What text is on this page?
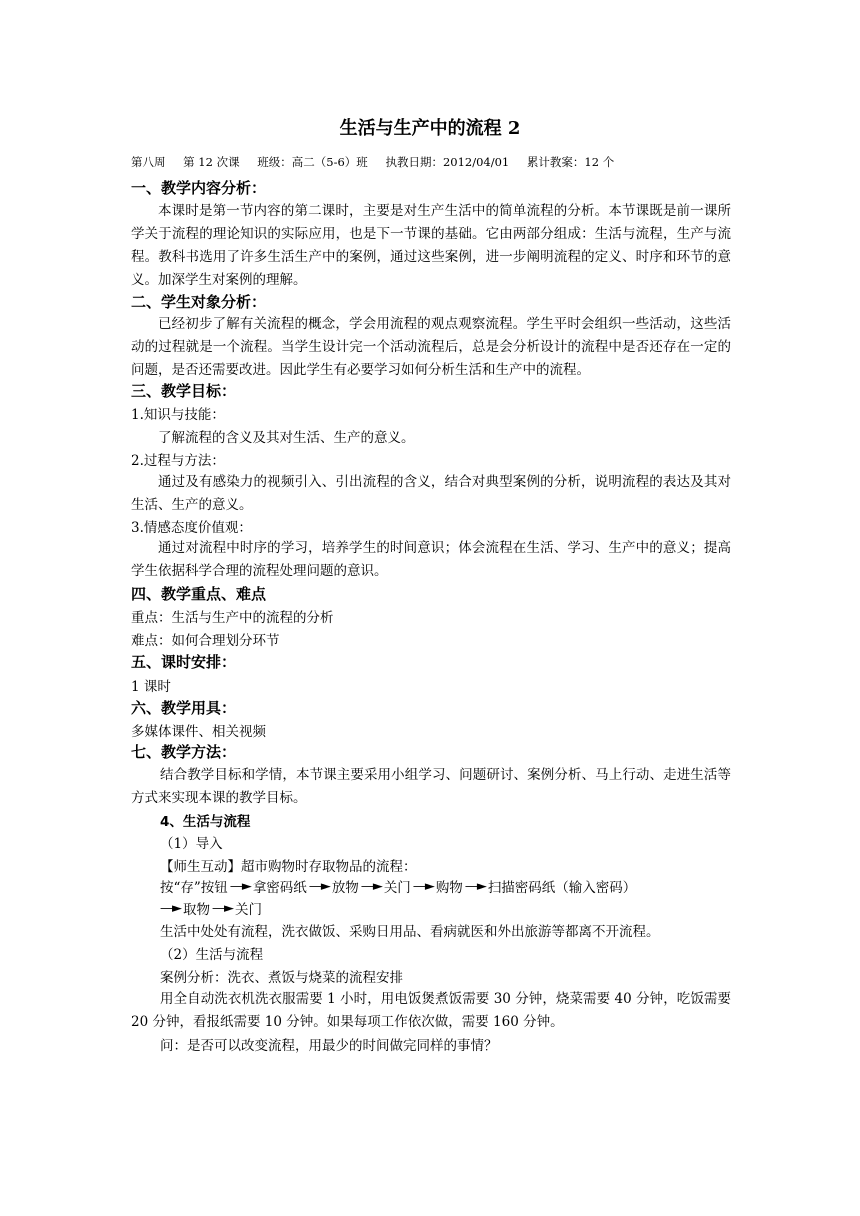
生活与生产中的流程 2
第八周 第 12 次课 班级：高二（5-6）班 执教日期：2012/04/01 累计教案：12 个
一、教学内容分析：
本课时是第一节内容的第二课时，主要是对生产生活中的简单流程的分析。本节课既是前一课所学关于流程的理论知识的实际应用，也是下一节课的基础。它由两部分组成：生活与流程，生产与流程。教科书选用了许多生活生产中的案例，通过这些案例，进一步阐明流程的定义、时序和环节的意义。加深学生对案例的理解。
二、学生对象分析：
已经初步了解有关流程的概念，学会用流程的观点观察流程。学生平时会组织一些活动，这些活动的过程就是一个流程。当学生设计完一个活动流程后，总是会分析设计的流程中是否还存在一定的问题，是否还需要改进。因此学生有必要学习如何分析生活和生产中的流程。
三、教学目标：
1.知识与技能：
了解流程的含义及其对生活、生产的意义。
2.过程与方法：
通过及有感染力的视频引入、引出流程的含义，结合对典型案例的分析，说明流程的表达及其对生活、生产的意义。
3.情感态度价值观：
通过对流程中时序的学习，培养学生的时间意识；体会流程在生活、学习、生产中的意义；提高学生依据科学合理的流程处理问题的意识。
四、教学重点、难点
重点：生活与生产中的流程的分析
难点：如何合理划分环节
五、课时安排：
1 课时
六、教学用具：
多媒体课件、相关视频
七、教学方法：
结合教学目标和学情，本节课主要采用小组学习、问题研讨、案例分析、马上行动、走进生活等方式来实现本课的教学目标。
4、生活与流程
（1）导入
【师生互动】超市购物时存取物品的流程：
按“存”按钮 —► 拿密码纸 —► 放物 —► 关门 —► 购物 —► 扫描密码纸（输入密码）
—► 取物 —► 关门
生活中处处有流程，洗衣做饭、采购日用品、看病就医和外出旅游等都离不开流程。
（2）生活与流程
案例分析：洗衣、煮饭与烧菜的流程安排
用全自动洗衣机洗衣服需要 1 小时，用电饭煲煮饭需要 30 分钟，烧菜需要 40 分钟，吃饭需要 20 分钟，看报纸需要 10 分钟。如果每项工作依次做，需要 160 分钟。
问：是否可以改变流程，用最少的时间做完同样的事情？
